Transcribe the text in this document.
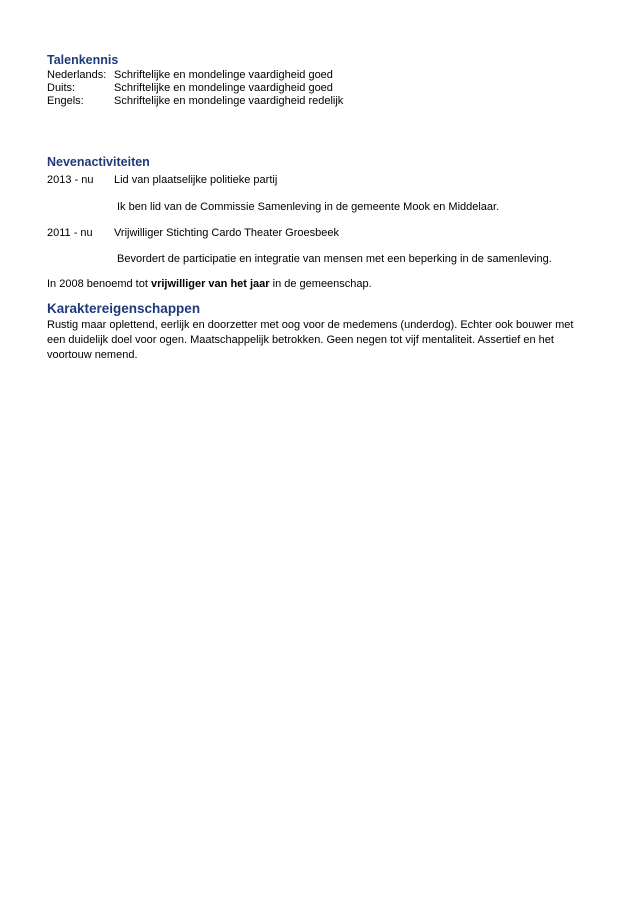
Talenkennis
Nederlands: Schriftelijke en mondelinge vaardigheid goed
Duits:	Schriftelijke en mondelinge vaardigheid goed
Engels:	Schriftelijke en mondelinge vaardigheid redelijk
Nevenactiviteiten
2013 - nu Lid van plaatselijke politieke partij
Ik ben lid van de Commissie Samenleving in de gemeente Mook en Middelaar.
2011 - nu Vrijwilliger Stichting Cardo Theater Groesbeek
Bevordert de participatie en integratie van mensen met een beperking in de samenleving.
In 2008 benoemd tot vrijwilliger van het jaar in de gemeenschap.
Karaktereigenschappen
Rustig maar oplettend, eerlijk en doorzetter met oog voor de medemens (underdog). Echter ook bouwer met een duidelijk doel voor ogen. Maatschappelijk betrokken. Geen negen tot vijf mentaliteit. Assertief en het voortouw nemend.
